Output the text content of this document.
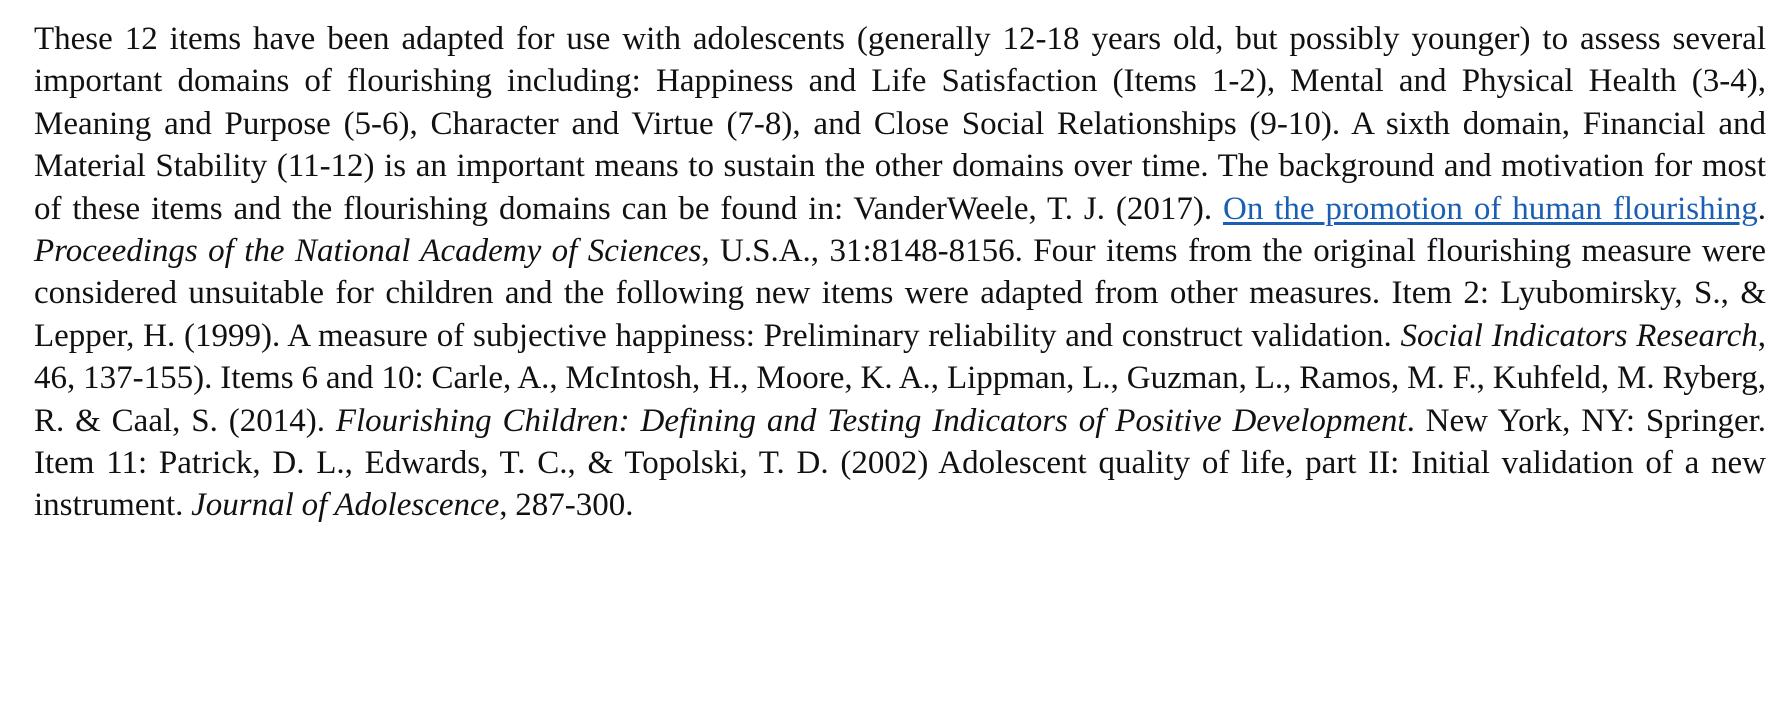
These 12 items have been adapted for use with adolescents (generally 12-18 years old, but possibly younger) to assess several important domains of flourishing including: Happiness and Life Satisfaction (Items 1-2), Mental and Physical Health (3-4), Meaning and Purpose (5-6), Character and Virtue (7-8), and Close Social Relationships (9-10). A sixth domain, Financial and Material Stability (11-12) is an important means to sustain the other domains over time. The background and motivation for most of these items and the flourishing domains can be found in: VanderWeele, T. J. (2017). On the promotion of human flourishing. Proceedings of the National Academy of Sciences, U.S.A., 31:8148-8156. Four items from the original flourishing measure were considered unsuitable for children and the following new items were adapted from other measures. Item 2: Lyubomirsky, S., & Lepper, H. (1999). A measure of subjective happiness: Preliminary reliability and construct validation. Social Indicators Research, 46, 137-155). Items 6 and 10: Carle, A., McIntosh, H., Moore, K. A., Lippman, L., Guzman, L., Ramos, M. F., Kuhfeld, M. Ryberg, R. & Caal, S. (2014). Flourishing Children: Defining and Testing Indicators of Positive Development. New York, NY: Springer. Item 11: Patrick, D. L., Edwards, T. C., & Topolski, T. D. (2002) Adolescent quality of life, part II: Initial validation of a new instrument. Journal of Adolescence, 287-300.
